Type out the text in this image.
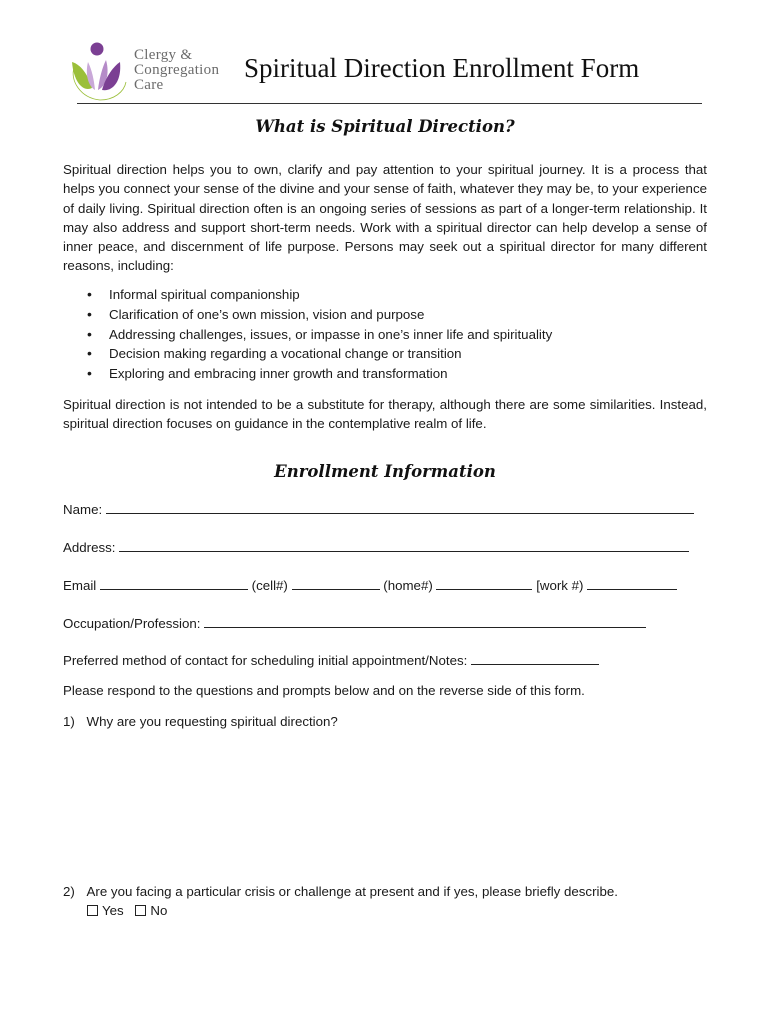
Clergy &
Congregation
Care
Spiritual Direction Enrollment Form
What is Spiritual Direction?
Spiritual direction helps you to own, clarify and pay attention to your spiritual journey. It is a process that helps you connect your sense of the divine and your sense of faith, whatever they may be, to your experience of daily living. Spiritual direction often is an ongoing series of sessions as part of a longer-term relationship. It may also address and support short-term needs. Work with a spiritual director can help develop a sense of inner peace, and discernment of life purpose. Persons may seek out a spiritual director for many different reasons, including:
• Informal spiritual companionship
• Clarification of one’s own mission, vision and purpose
• Addressing challenges, issues, or impasse in one’s inner life and spirituality
• Decision making regarding a vocational change or transition
• Exploring and embracing inner growth and transformation
Spiritual direction is not intended to be a substitute for therapy, although there are some similarities. Instead, spiritual direction focuses on guidance in the contemplative realm of life.
Enrollment Information
Name:
Address:
Email	(cell#)	(home#)	[work #)
Occupation/Profession:
Preferred method of contact for scheduling initial appointment/Notes:
Please respond to the questions and prompts below and on the reverse side of this form.
1) Why are you requesting spiritual direction?
2) Are you facing a particular crisis or challenge at present and if yes, please briefly describe.
Yes No
